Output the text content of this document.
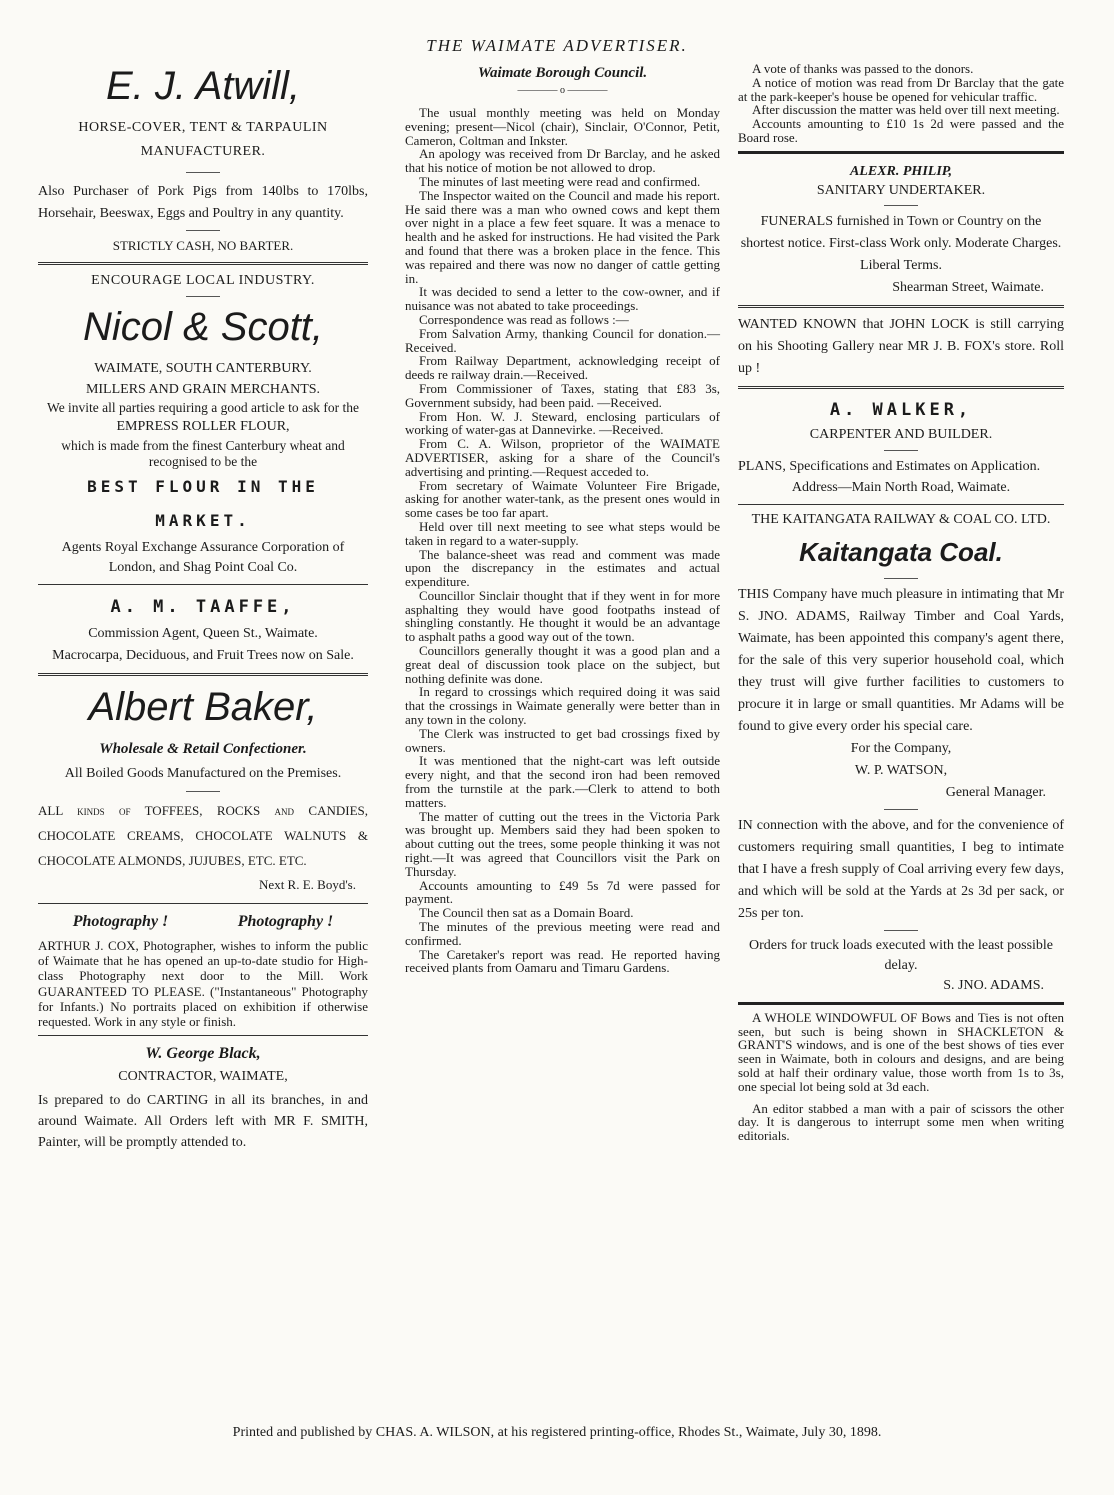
THE WAIMATE ADVERTISER.
E. J. Atwill,
HORSE-COVER, TENT & TARPAULIN MANUFACTURER.

Also Purchaser of Pork Pigs from 140lbs to 170lbs, Horsehair, Beeswax, Eggs and Poultry in any quantity.

STRICTLY CASH, NO BARTER.
ENCOURAGE LOCAL INDUSTRY.
Nicol & Scott,
WAIMATE, SOUTH CANTERBURY.
MILLERS AND GRAIN MERCHANTS.
We invite all parties requiring a good article to ask for the
EMPRESS ROLLER FLOUR,
which is made from the finest Canterbury wheat and recognised to be the
BEST FLOUR IN THE MARKET.

Agents Royal Exchange Assurance Corporation of London, and Shag Point Coal Co.

A. M. TAAFFE,
Commission Agent, Queen St., Waimate.

Macrocarpa, Deciduous, and Fruit Trees now on Sale.

Albert Baker,
Wholesale & Retail Confectioner.

All Boiled Goods Manufactured on the Premises.

ALL kinds of TOFFEES, ROCKS and CANDIES, CHOCOLATE CREAMS, CHOCOLATE WALNUTS & CHOCOLATE ALMONDS, JUJUBES, ETC. ETC.

Next R. E. Boyd's.
Photography !	Photography !

ARTHUR J. COX, Photographer, wishes to inform the public of Waimate that he has opened an up-to-date studio for High-class Photography next door to the Mill. Work GUARANTEED TO PLEASE. ("Instantaneous" Photography for Infants.) No portraits placed on exhibition if otherwise requested. Work in any style or finish.

W. George Black,
CONTRACTOR, WAIMATE,

Is prepared to do CARTING in all its branches, in and around Waimate. All Orders left with MR F. SMITH, Painter, will be promptly attended to.

Waimate Borough Council.
———— o ————

The usual monthly meeting was held on Monday evening; present—Nicol (chair), Sinclair, O'Connor, Petit, Cameron, Coltman and Inkster.

An apology was received from Dr Barclay, and he asked that his notice of motion be not allowed to drop.

The minutes of last meeting were read and confirmed.

The Inspector waited on the Council and made his report. He said there was a man who owned cows and kept them over night in a place a few feet square. It was a menace to health and he asked for instructions. He had visited the Park and found that there was a broken place in the fence. This was repaired and there was now no danger of cattle getting in.

It was decided to send a letter to the cow-owner, and if nuisance was not abated to take proceedings.

Correspondence was read as follows :—

From Salvation Army, thanking Council for donation.—Received.

From Railway Department, acknowledging receipt of deeds re railway drain.—Received.

From Commissioner of Taxes, stating that £83 3s, Government subsidy, had been paid. —Received.

From Hon. W. J. Steward, enclosing particulars of working of water-gas at Dannevirke. —Received.

From C. A. Wilson, proprietor of the WAIMATE ADVERTISER, asking for a share of the Council's advertising and printing.—Request acceded to.

From secretary of Waimate Volunteer Fire Brigade, asking for another water-tank, as the present ones would in some cases be too far apart.

Held over till next meeting to see what steps would be taken in regard to a water-supply.

The balance-sheet was read and comment was made upon the discrepancy in the estimates and actual expenditure.

Councillor Sinclair thought that if they went in for more asphalting they would have good footpaths instead of shingling constantly. He thought it would be an advantage to asphalt paths a good way out of the town.

Councillors generally thought it was a good plan and a great deal of discussion took place on the subject, but nothing definite was done.

In regard to crossings which required doing it was said that the crossings in Waimate generally were better than in any town in the colony.

The Clerk was instructed to get bad crossings fixed by owners.

It was mentioned that the night-cart was left outside every night, and that the second iron had been removed from the turnstile at the park.—Clerk to attend to both matters.

The matter of cutting out the trees in the Victoria Park was brought up. Members said they had been spoken to about cutting out the trees, some people thinking it was not right.—It was agreed that Councillors visit the Park on Thursday.

Accounts amounting to £49 5s 7d were passed for payment.

The Council then sat as a Domain Board.

The minutes of the previous meeting were read and confirmed.

The Caretaker's report was read. He reported having received plants from Oamaru and Timaru Gardens.

A vote of thanks was passed to the donors.

A notice of motion was read from Dr Barclay that the gate at the park-keeper's house be opened for vehicular traffic.

After discussion the matter was held over till next meeting.

Accounts amounting to £10 1s 2d were passed and the Board rose.

ALEXR. PHILIP,
SANITARY UNDERTAKER.

FUNERALS furnished in Town or Country on the shortest notice. First-class Work only. Moderate Charges. Liberal Terms.

Shearman Street, Waimate.

WANTED KNOWN that JOHN LOCK is still carrying on his Shooting Gallery near MR J. B. FOX's store. Roll up !

A. WALKER,
CARPENTER AND BUILDER.

PLANS, Specifications and Estimates on Application.

Address—Main North Road, Waimate.
THE KAITANGATA RAILWAY & COAL CO. LTD.
Kaitangata Coal.

THIS Company have much pleasure in intimating that Mr S. JNO. ADAMS, Railway Timber and Coal Yards, Waimate, has been appointed this company's agent there, for the sale of this very superior household coal, which they trust will give further facilities to customers to procure it in large or small quantities. Mr Adams will be found to give every order his special care.

For the Company,
W. P. WATSON,
General Manager.

IN connection with the above, and for the convenience of customers requiring small quantities, I beg to intimate that I have a fresh supply of Coal arriving every few days, and which will be sold at the Yards at 2s 3d per sack, or 25s per ton.

Orders for truck loads executed with the least possible delay.

S. JNO. ADAMS.

A WHOLE WINDOWFUL OF Bows and Ties is not often seen, but such is being shown in SHACKLETON & GRANT'S windows, and is one of the best shows of ties ever seen in Waimate, both in colours and designs, and are being sold at half their ordinary value, those worth from 1s to 3s, one special lot being sold at 3d each.

An editor stabbed a man with a pair of scissors the other day. It is dangerous to interrupt some men when writing editorials.

Printed and published by CHAS. A. WILSON, at his registered printing-office, Rhodes St., Waimate, July 30, 1898.
